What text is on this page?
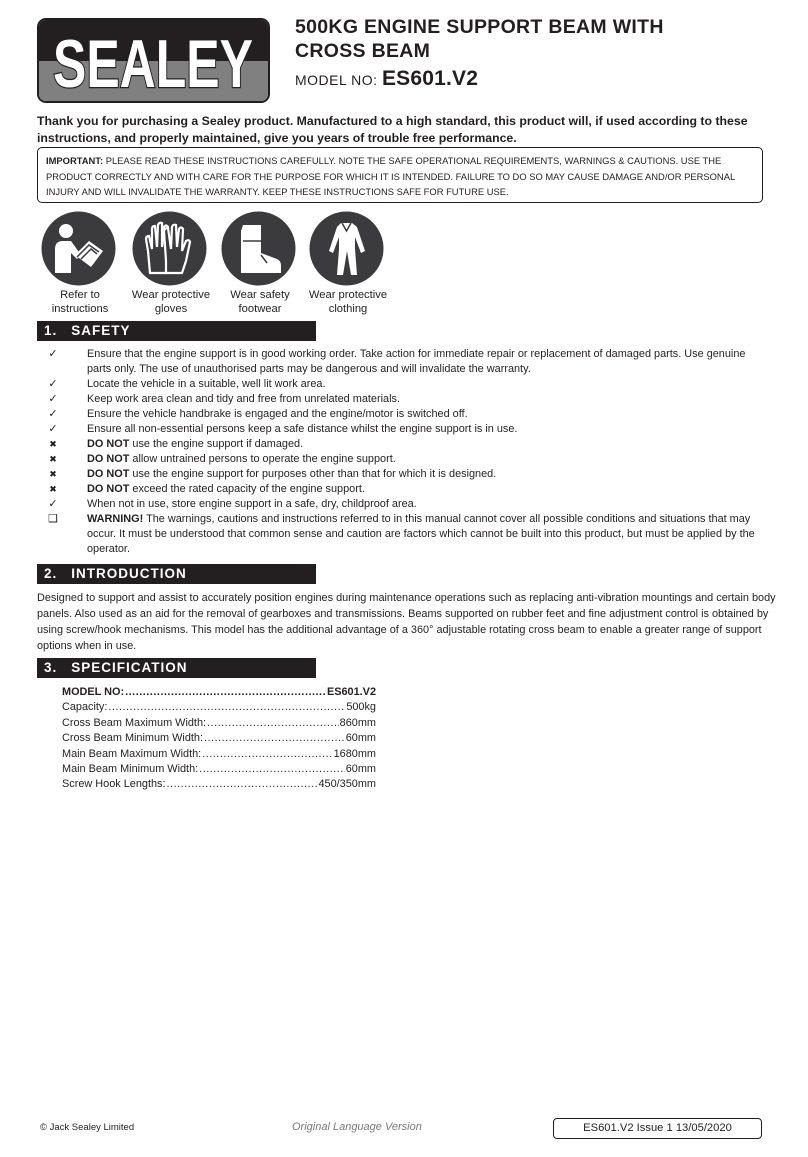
SEALEY 500KG ENGINE SUPPORT BEAM WITH
CROSS BEAM
MODEL NO: ES601.V2
Thank you for purchasing a Sealey product. Manufactured to a high standard, this product will, if used according to these instructions, and properly maintained, give you years of trouble free performance.
IMPORTANT: PLEASE READ THESE INSTRUCTIONS CAREFULLY. NOTE THE SAFE OPERATIONAL REQUIREMENTS, WARNINGS & CAUTIONS. USE THE PRODUCT CORRECTLY AND WITH CARE FOR THE PURPOSE FOR WHICH IT IS INTENDED. FAILURE TO DO SO MAY CAUSE DAMAGE AND/OR PERSONAL INJURY AND WILL INVALIDATE THE WARRANTY. KEEP THESE INSTRUCTIONS SAFE FOR FUTURE USE.
Refer to
instructions
Wear protective
gloves
Wear safety
footwear
Wear protective
clothing
1. SAFETY
✓	Ensure that the engine support is in good working order. Take action for immediate repair or replacement of damaged parts. Use genuine parts only. The use of unauthorised parts may be dangerous and will invalidate the warranty.
✓	Locate the vehicle in a suitable, well lit work area.
✓	Keep work area clean and tidy and free from unrelated materials.
✓	Ensure the vehicle handbrake is engaged and the engine/motor is switched off.
✓	Ensure all non-essential persons keep a safe distance whilst the engine support is in use.
✖	DO NOT use the engine support if damaged.
✖	DO NOT allow untrained persons to operate the engine support.
✖	DO NOT use the engine support for purposes other than that for which it is designed.
✖	DO NOT exceed the rated capacity of the engine support.
✓	When not in use, store engine support in a safe, dry, childproof area.
❑	WARNING! The warnings, cautions and instructions referred to in this manual cannot cover all possible conditions and situations that may occur. It must be understood that common sense and caution are factors which cannot be built into this product, but must be applied by the operator.
2. INTRODUCTION
Designed to support and assist to accurately position engines during maintenance operations such as replacing anti-vibration mountings and certain body panels. Also used as an aid for the removal of gearboxes and transmissions. Beams supported on rubber feet and fine adjustment control is obtained by using screw/hook mechanisms. This model has the additional advantage of a 360° adjustable rotating cross beam to enable a greater range of support options when in use.
3. SPECIFICATION
MODEL NO: .....	ES601.V2
Capacity: .....	500kg
Cross Beam Maximum Width: .....	860mm
Cross Beam Minimum Width: .....	60mm
Main Beam Maximum Width: .....	1680mm
Main Beam Minimum Width: .....	60mm
Screw Hook Lengths: .....	450/350mm
© Jack Sealey Limited	Original Language Version	ES601.V2 Issue 1 13/05/2020
